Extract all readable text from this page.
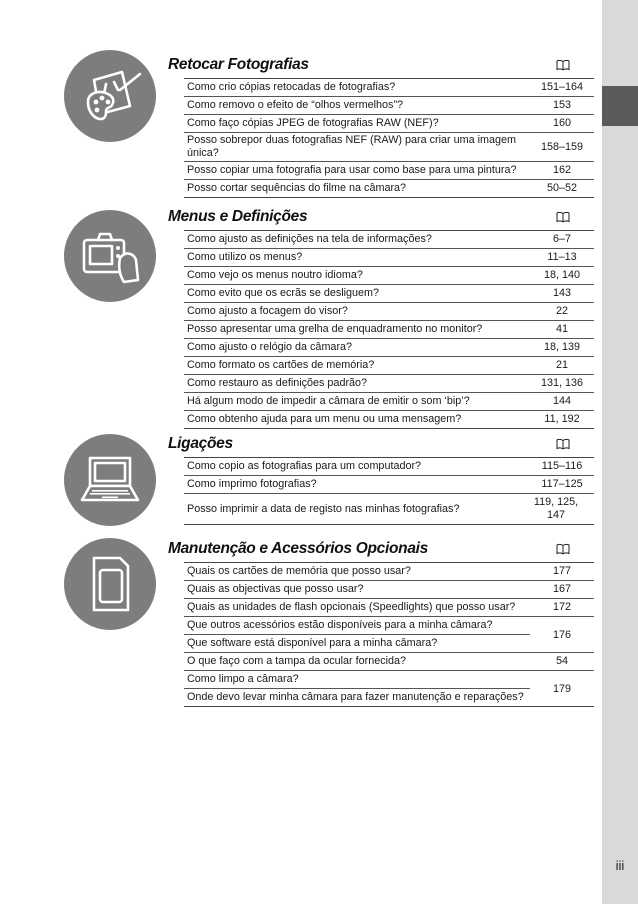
iii
Retocar Fotografias
Como crio cópias retocadas de fotografias?	151–164
Como removo o efeito de “olhos vermelhos”?	153
Como faço cópias JPEG de fotografias RAW (NEF)?	160
Posso sobrepor duas fotografias NEF (RAW) para criar uma imagem única?
158–159
Posso copiar uma fotografia para usar como base para uma pintura?	162
Posso cortar sequências do filme na câmara?	50–52
Menus e Definições
Como ajusto as definições na tela de informações?	6–7
Como utilizo os menus?	11–13
Como vejo os menus noutro idioma?	18, 140
Como evito que os ecrãs se desliguem?	143
Como ajusto a focagem do visor?	22
Posso apresentar uma grelha de enquadramento no monitor?	41
Como ajusto o relógio da câmara?	18, 139
Como formato os cartões de memória?	21
Como restauro as definições padrão?	131, 136
Há algum modo de impedir a câmara de emitir o som ‘bip’?	144
Como obtenho ajuda para um menu ou uma mensagem?	11, 192
Ligações
Como copio as fotografias para um computador?	115–116
Como imprimo fotografias?	117–125
Posso imprimir a data de registo nas minhas fotografias?
119, 125, 147
Manutenção e Acessórios Opcionais
Quais os cartões de memória que posso usar?	177
Quais as objectivas que posso usar?	167
Quais as unidades de flash opcionais (Speedlights) que posso usar?	172
Que outros acessórios estão disponíveis para a minha câmara?
Que software está disponível para a minha câmara?
176
O que faço com a tampa da ocular fornecida?	54
Como limpo a câmara?
Onde devo levar minha câmara para fazer manutenção e reparações?
179
